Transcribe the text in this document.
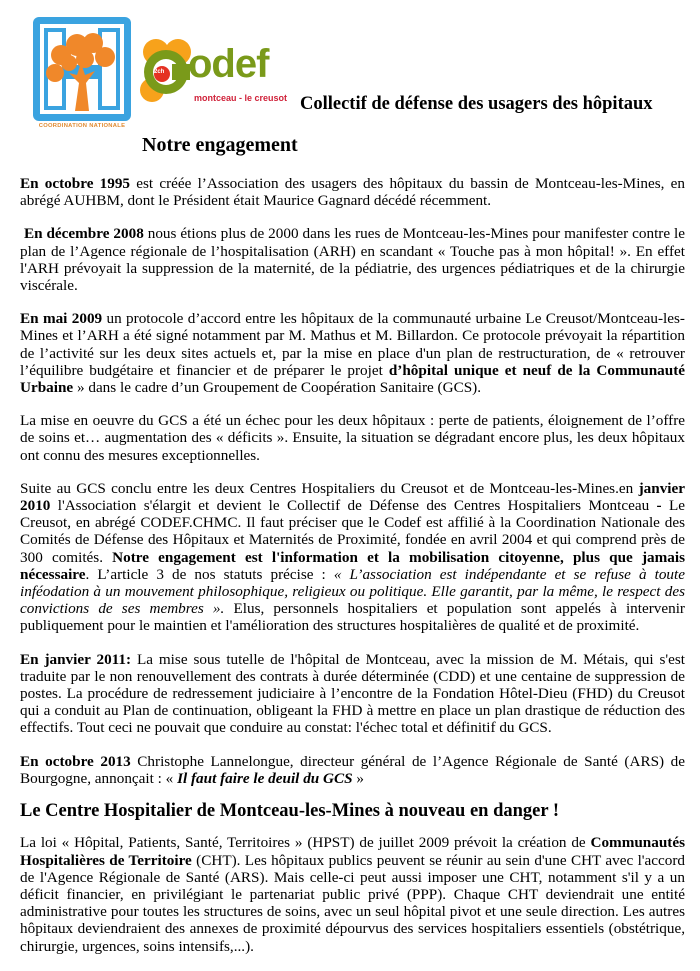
COORDINATION NATIONALE
2ch odef
montceau - le creusot Collectif de défense des usagers des hôpitaux
Notre engagement

En octobre 1995 est créée l’Association des usagers des hôpitaux du bassin de Montceau-les-Mines, en abrégé AUHBM, dont le Président était Maurice Gagnard décédé récemment.

En décembre 2008 nous étions plus de 2000 dans les rues de Montceau-les-Mines pour manifester contre le plan de l’Agence régionale de l’hospitalisation (ARH) en scandant « Touche pas à mon hôpital! ». En effet l'ARH prévoyait la suppression de la maternité, de la pédiatrie, des urgences pédiatriques et de la chirurgie viscérale.

En mai 2009 un protocole d’accord entre les hôpitaux de la communauté urbaine Le Creusot/Montceau-les-Mines et l’ARH a été signé notamment par M. Mathus et M. Billardon. Ce protocole prévoyait la répartition de l’activité sur les deux sites actuels et, par la mise en place d'un plan de restructuration, de « retrouver l’équilibre budgétaire et financier et de préparer le projet d’hôpital unique et neuf de la Communauté Urbaine » dans le cadre d’un Groupement de Coopération Sanitaire (GCS).

La mise en oeuvre du GCS a été un échec pour les deux hôpitaux : perte de patients, éloignement de l’offre de soins et… augmentation des « déficits ». Ensuite, la situation se dégradant encore plus, les deux hôpitaux ont connu des mesures exceptionnelles.

Suite au GCS conclu entre les deux Centres Hospitaliers du Creusot et de Montceau-les-Mines.en janvier 2010 l'Association s'élargit et devient le Collectif de Défense des Centres Hospitaliers Montceau - Le Creusot, en abrégé CODEF.CHMC. Il faut préciser que le Codef est affilié à la Coordination Nationale des Comités de Défense des Hôpitaux et Maternités de Proximité, fondée en avril 2004 et qui comprend près de 300 comités. Notre engagement est l'information et la mobilisation citoyenne, plus que jamais nécessaire. L’article 3 de nos statuts précise : « L’association est indépendante et se refuse à toute inféodation à un mouvement philosophique, religieux ou politique. Elle garantit, par la même, le respect des convictions de ses membres ». Elus, personnels hospitaliers et population sont appelés à intervenir publiquement pour le maintien et l'amélioration des structures hospitalières de qualité et de proximité.

En janvier 2011: La mise sous tutelle de l'hôpital de Montceau, avec la mission de M. Métais, qui s'est traduite par le non renouvellement des contrats à durée déterminée (CDD) et une centaine de suppression de postes. La procédure de redressement judiciaire à l’encontre de la Fondation Hôtel-Dieu (FHD) du Creusot qui a conduit au Plan de continuation, obligeant la FHD à mettre en place un plan drastique de réduction des effectifs. Tout ceci ne pouvait que conduire au constat: l'échec total et définitif du GCS.

En octobre 2013 Christophe Lannelongue, directeur général de l’Agence Régionale de Santé (ARS) de Bourgogne, annonçait : « Il faut faire le deuil du GCS »

Le Centre Hospitalier de Montceau-les-Mines à nouveau en danger !

La loi « Hôpital, Patients, Santé, Territoires » (HPST) de juillet 2009 prévoit la création de Communautés Hospitalières de Territoire (CHT). Les hôpitaux publics peuvent se réunir au sein d'une CHT avec l'accord de l'Agence Régionale de Santé (ARS). Mais celle-ci peut aussi imposer une CHT, notamment s'il y a un déficit financier, en privilégiant le partenariat public privé (PPP). Chaque CHT deviendrait une entité administrative pour toutes les structures de soins, avec un seul hôpital pivot et une seule direction. Les autres hôpitaux deviendraient des annexes de proximité dépourvus des services hospitaliers essentiels (obstétrique, chirurgie, urgences, soins intensifs,...).
